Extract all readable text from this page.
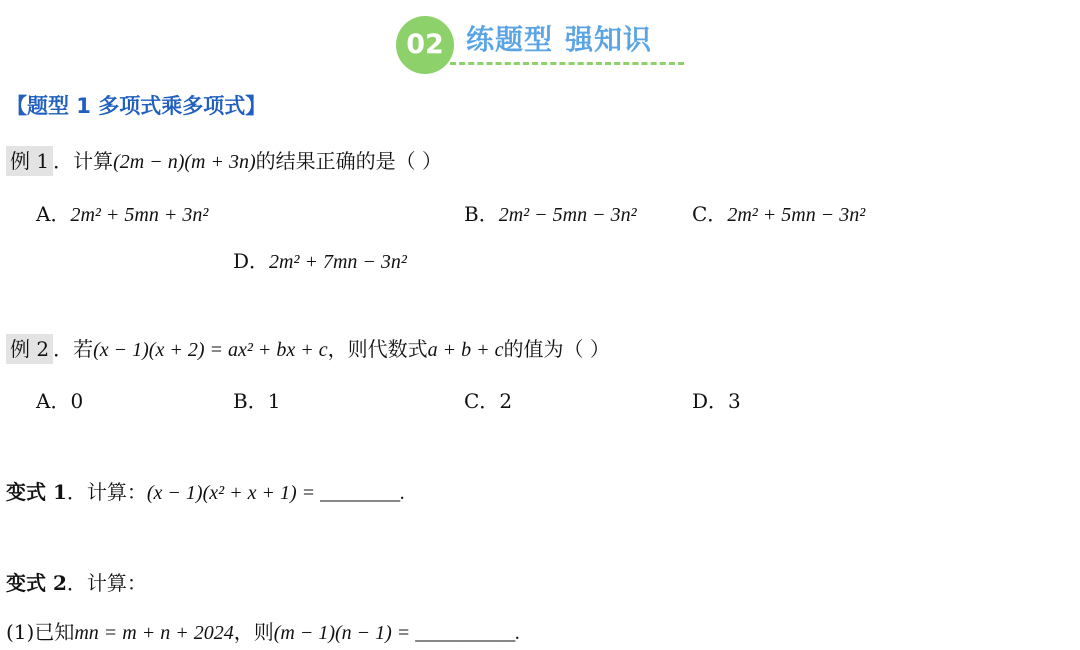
02 练题型 强知识
【题型 1 多项式乘多项式】
例 1 ．计算(2m − n)(m + 3n)的结果正确的是（ ）
A．2m² + 5mn + 3n²	B．2m² − 5mn − 3n²	C．2m² + 5mn − 3n²
D．2m² + 7mn − 3n²
例 2 ．若(x − 1)(x + 2) = ax² + bx + c，则代数式a + b + c的值为（ ）
A．0	B．1	C．2	D．3
变式 1．计算：(x − 1)(x² + x + 1) = ________.
变式 2．计算：
(1)已知mn = m + n + 2024，则(m − 1)(n − 1) = __________.
